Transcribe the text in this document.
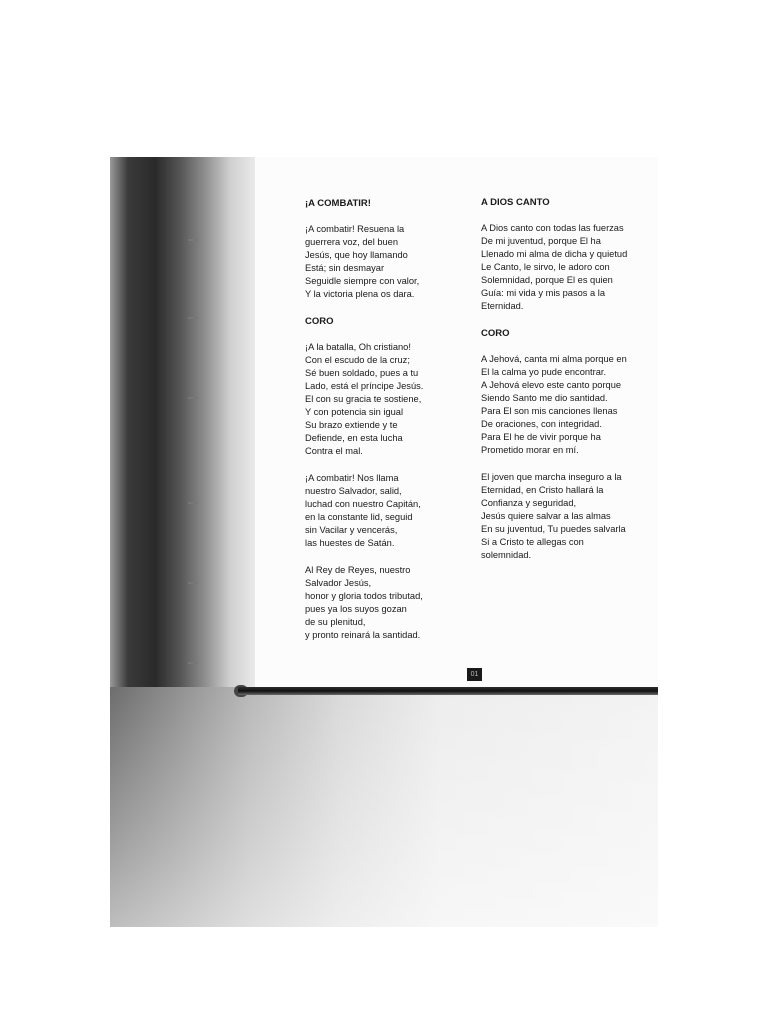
¡A COMBATIR!
¡A combatir! Resuena la
guerrera voz, del buen
Jesús, que hoy llamando
Está; sin desmayar
Seguidle siempre con valor,
Y la victoria plena os dara.
CORO
¡A la batalla, Oh cristiano!
Con el escudo de la cruz;
Sé buen soldado, pues a tu
Lado, está el príncipe Jesús.
El con su gracia te sostiene,
Y con potencia sin igual
Su brazo extiende y te
Defiende, en esta lucha
Contra el mal.
¡A combatir! Nos llama
nuestro Salvador, salid,
luchad con nuestro Capitán,
en la constante lid, seguid
sin Vacilar y vencerás,
las huestes de Satán.
Al Rey de Reyes, nuestro
Salvador Jesús,
honor y gloria todos tributad,
pues ya los suyos gozan
de su plenitud,
y pronto reinará la santidad.
A DIOS CANTO
A Dios canto con todas las fuerzas
De mi juventud, porque El ha
Llenado mi alma de dicha y quietud
Le Canto, le sirvo, le adoro con
Solemnidad, porque El es quien
Guía: mi vida y mis pasos a la
Eternidad.
CORO
A Jehová, canta mi alma porque en
El la calma yo pude encontrar.
A Jehová elevo este canto porque
Siendo Santo me dio santidad.
Para El son mis canciones llenas
De oraciones, con integridad.
Para El he de vivir porque ha
Prometido morar en mí.
El joven que marcha inseguro a la
Eternidad, en Cristo hallará la
Confianza y seguridad,
Jesús quiere salvar a las almas
En su juventud, Tu puedes salvarla
Si a Cristo te allegas con
solemnidad.
01
